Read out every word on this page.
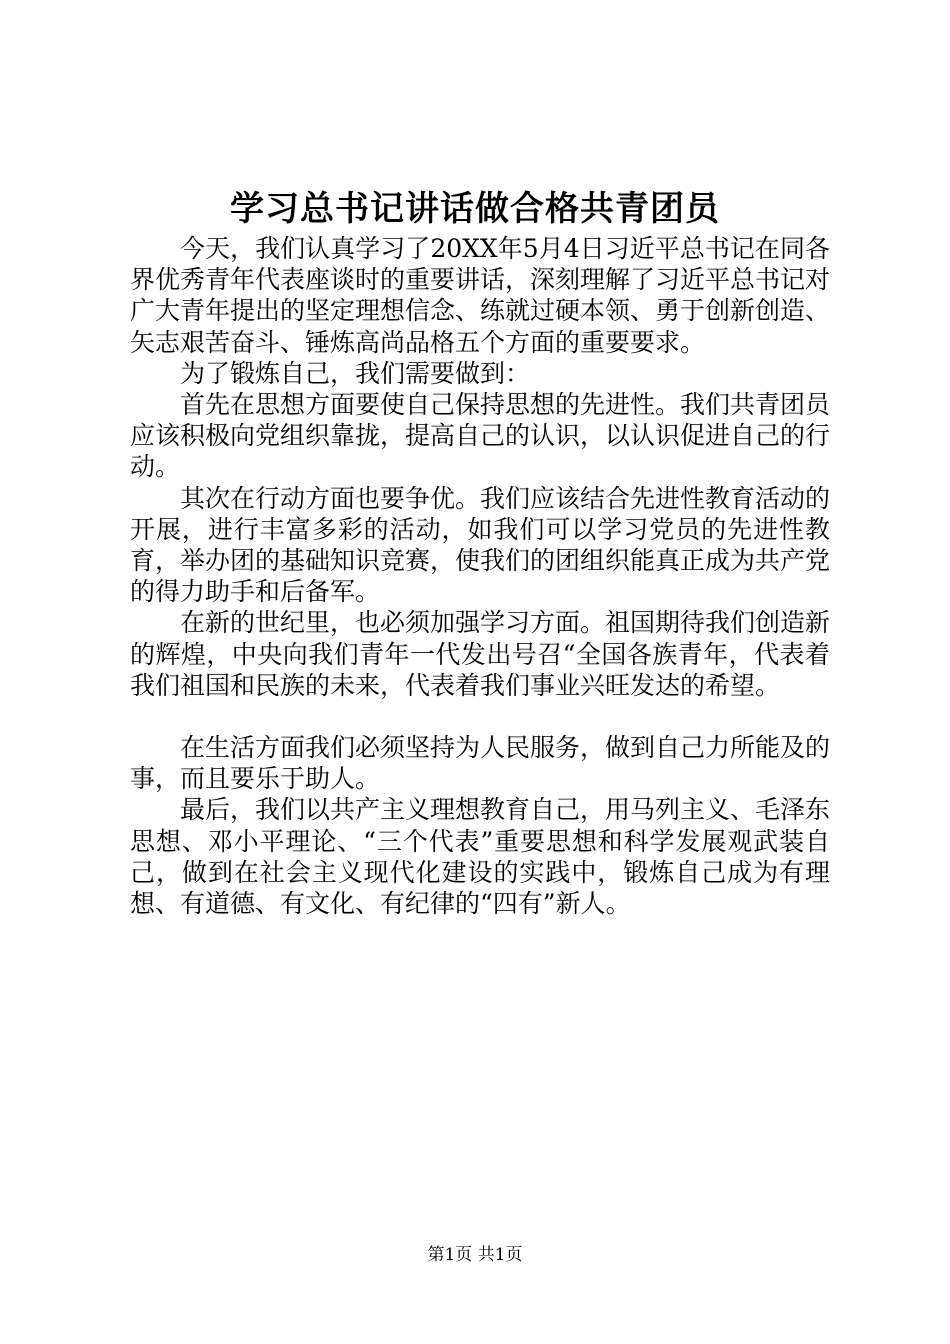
学习总书记讲话做合格共青团员

今天，我们认真学习了20XX年5月4日习近平总书记在同各界优秀青年代表座谈时的重要讲话，深刻理解了习近平总书记对广大青年提出的坚定理想信念、练就过硬本领、勇于创新创造、矢志艰苦奋斗、锤炼高尚品格五个方面的重要要求。

为了锻炼自己，我们需要做到：

首先在思想方面要使自己保持思想的先进性。我们共青团员应该积极向党组织靠拢，提高自己的认识，以认识促进自己的行动。

其次在行动方面也要争优。我们应该结合先进性教育活动的开展，进行丰富多彩的活动，如我们可以学习党员的先进性教育，举办团的基础知识竞赛，使我们的团组织能真正成为共产党的得力助手和后备军。

在新的世纪里，也必须加强学习方面。祖国期待我们创造新的辉煌，中央向我们青年一代发出号召“全国各族青年，代表着我们祖国和民族的未来，代表着我们事业兴旺发达的希望。

在生活方面我们必须坚持为人民服务，做到自己力所能及的事，而且要乐于助人。

最后，我们以共产主义理想教育自己，用马列主义、毛泽东思想、邓小平理论、“三个代表”重要思想和科学发展观武装自己，做到在社会主义现代化建设的实践中，锻炼自己成为有理想、有道德、有文化、有纪律的“四有”新人。

第1页 共1页
